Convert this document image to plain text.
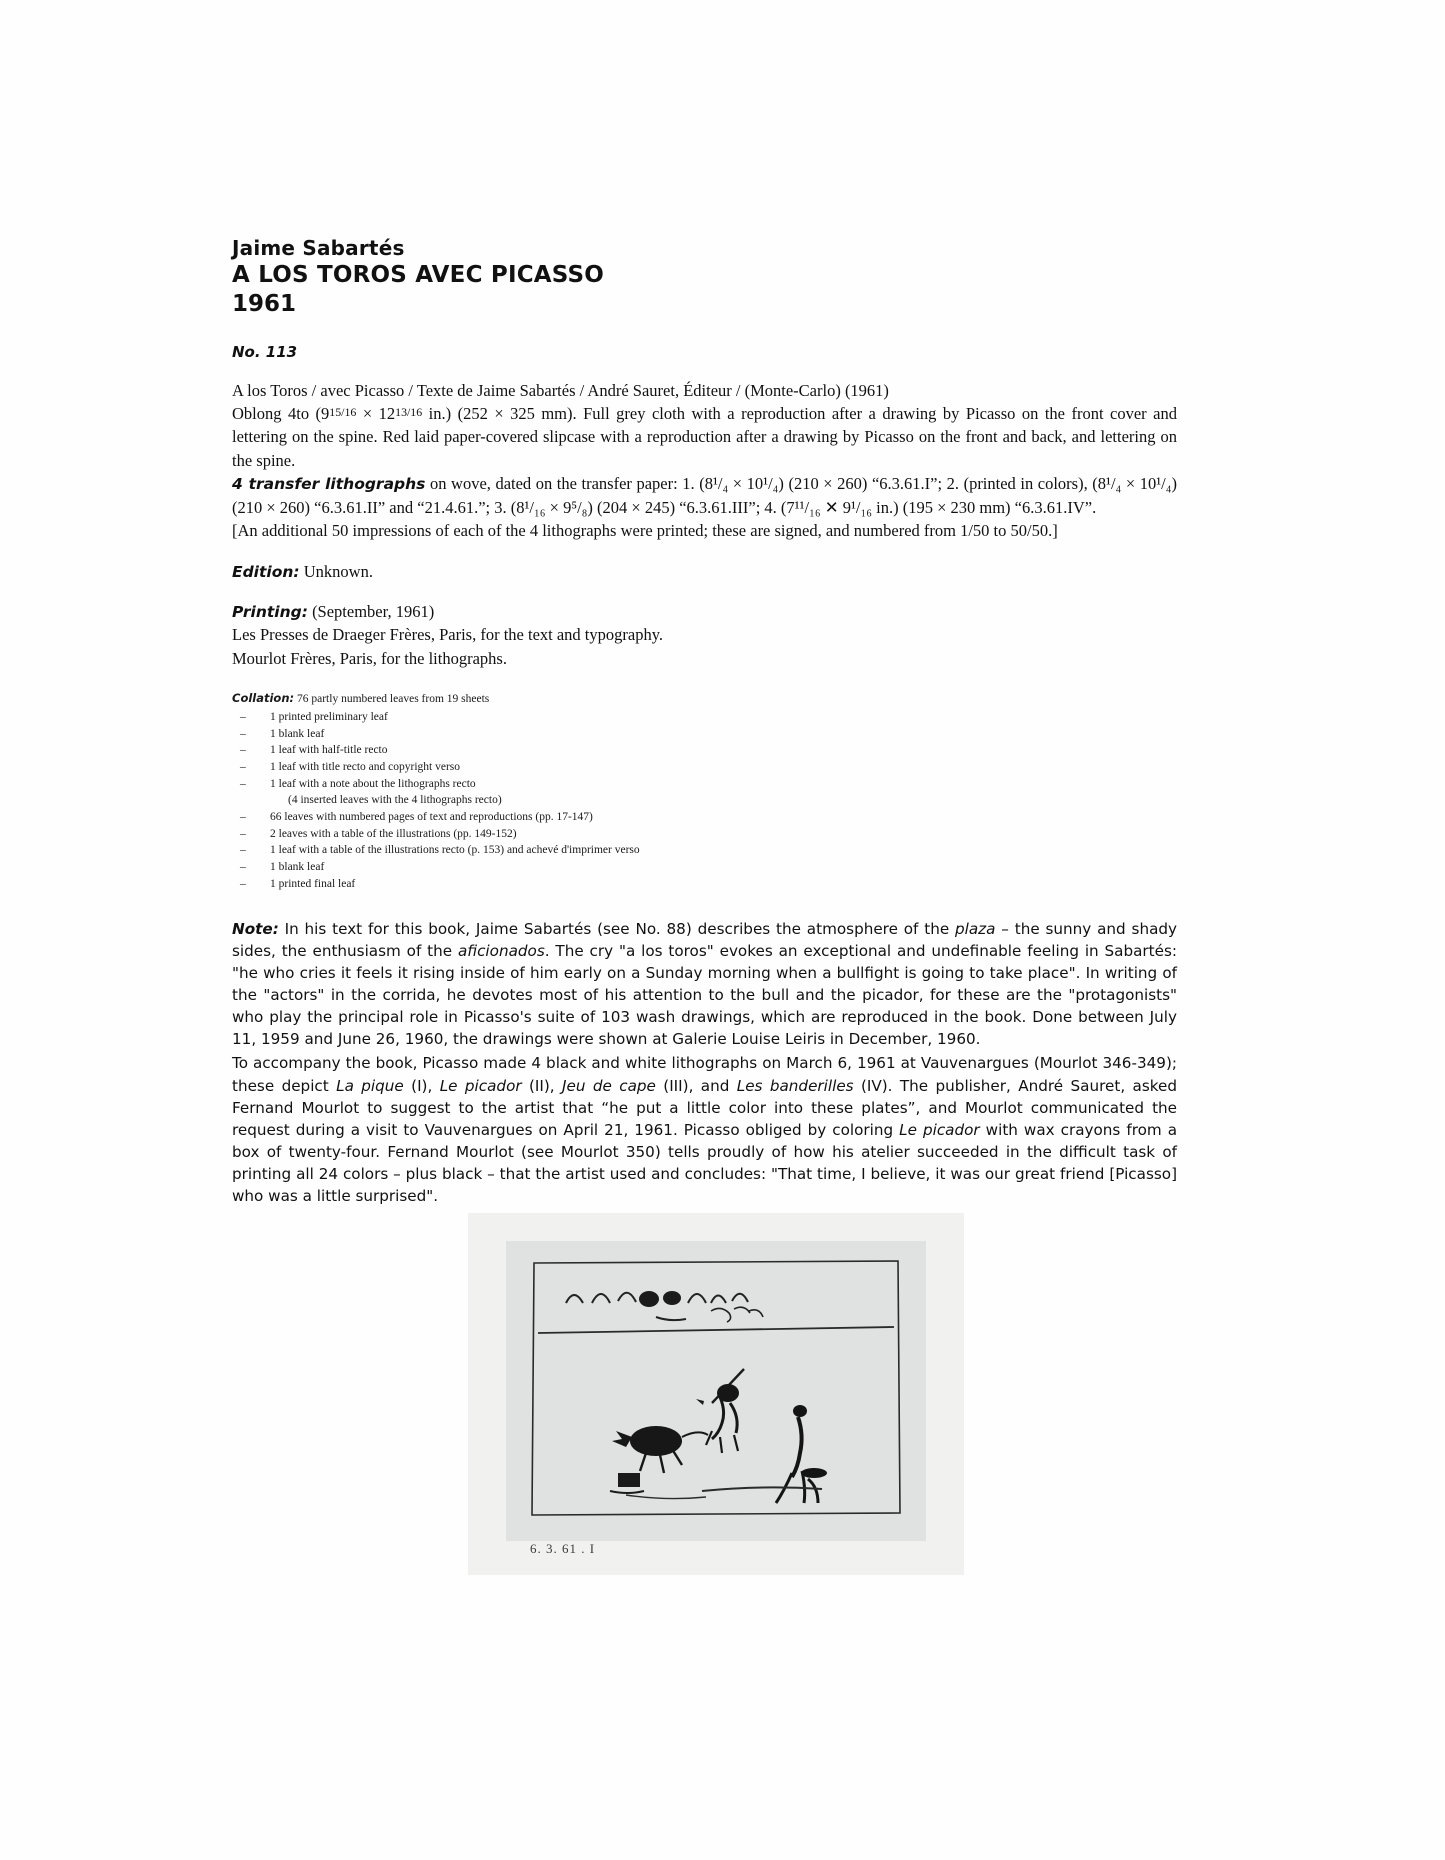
Jaime Sabartés
A LOS TOROS AVEC PICASSO
1961
No. 113

A los Toros / avec Picasso / Texte de Jaime Sabartés / André Sauret, Éditeur / (Monte-Carlo) (1961)

Oblong 4to (915/16 × 1213/16 in.) (252 × 325 mm). Full grey cloth with a reproduction after a drawing by Picasso on the front cover and lettering on the spine. Red laid paper-covered slipcase with a reproduction after a drawing by Picasso on the front and back, and lettering on the spine.

4 transfer lithographs on wove, dated on the transfer paper: 1. (8¹/₄ × 10¹/₄) (210 × 260) “6.3.61.I”; 2. (printed in colors), (8¹/₄ × 10¹/₄) (210 × 260) “6.3.61.II” and “21.4.61.”; 3. (8¹/₁₆ × 9⁵/₈) (204 × 245) “6.3.61.III”; 4. (7¹¹/₁₆ ✕ 9¹/₁₆ in.) (195 × 230 mm) “6.3.61.IV”.

[An additional 50 impressions of each of the 4 lithographs were printed; these are signed, and numbered from 1/50 to 50/50.]

Edition: Unknown.

Printing: (September, 1961)

Les Presses de Draeger Frères, Paris, for the text and typography.

Mourlot Frères, Paris, for the lithographs.

Collation: 76 partly numbered leaves from 19 sheets
– 1 printed preliminary leaf
– 1 blank leaf
– 1 leaf with half-title recto
– 1 leaf with title recto and copyright verso
– 1 leaf with a note about the lithographs recto
(4 inserted leaves with the 4 lithographs recto)
– 66 leaves with numbered pages of text and reproductions (pp. 17-147)
– 2 leaves with a table of the illustrations (pp. 149-152)
– 1 leaf with a table of the illustrations recto (p. 153) and achevé d'imprimer verso
– 1 blank leaf
– 1 printed final leaf

Note: In his text for this book, Jaime Sabartés (see No. 88) describes the atmosphere of the plaza – the sunny and shady sides, the enthusiasm of the aficionados. The cry "a los toros" evokes an exceptional and undefinable feeling in Sabartés: "he who cries it feels it rising inside of him early on a Sunday morning when a bullfight is going to take place". In writing of the "actors" in the corrida, he devotes most of his attention to the bull and the picador, for these are the "protagonists" who play the principal role in Picasso's suite of 103 wash drawings, which are reproduced in the book. Done between July 11, 1959 and June 26, 1960, the drawings were shown at Galerie Louise Leiris in December, 1960.

To accompany the book, Picasso made 4 black and white lithographs on March 6, 1961 at Vauvenargues (Mourlot 346-349); these depict La pique (I), Le picador (II), Jeu de cape (III), and Les banderilles (IV). The publisher, André Sauret, asked Fernand Mourlot to suggest to the artist that “he put a little color into these plates”, and Mourlot communicated the request during a visit to Vauvenargues on April 21, 1961. Picasso obliged by coloring Le picador with wax crayons from a box of twenty-four. Fernand Mourlot (see Mourlot 350) tells proudly of how his atelier succeeded in the difficult task of printing all 24 colors – plus black – that the artist used and concludes: "That time, I believe, it was our great friend [Picasso] who was a little surprised".

6. 3. 61 . I
